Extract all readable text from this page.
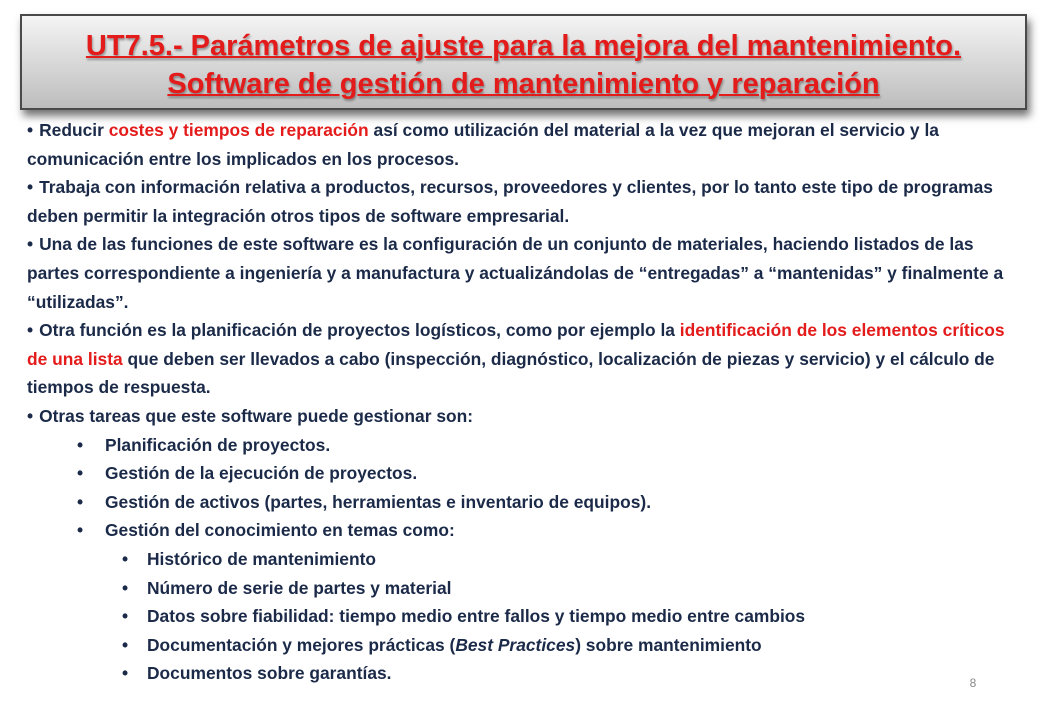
UT7.5.- Parámetros de ajuste para la mejora del mantenimiento.
Software de gestión de mantenimiento y reparación

• Reducir costes y tiempos de reparación así como utilización del material a la vez que mejoran el servicio y la comunicación entre los implicados en los procesos.

• Trabaja con información relativa a productos, recursos, proveedores y clientes, por lo tanto este tipo de programas deben permitir la integración otros tipos de software empresarial.

• Una de las funciones de este software es la configuración de un conjunto de materiales, haciendo listados de las partes correspondiente a ingeniería y a manufactura y actualizándolas de “entregadas” a “mantenidas” y finalmente a “utilizadas”.

• Otra función es la planificación de proyectos logísticos, como por ejemplo la identificación de los elementos críticos de una lista que deben ser llevados a cabo (inspección, diagnóstico, localización de piezas y servicio) y el cálculo de tiempos de respuesta.

• Otras tareas que este software puede gestionar son:

• Planificación de proyectos.

• Gestión de la ejecución de proyectos.

• Gestión de activos (partes, herramientas e inventario de equipos).

• Gestión del conocimiento en temas como:

• Histórico de mantenimiento

• Número de serie de partes y material

• Datos sobre fiabilidad: tiempo medio entre fallos y tiempo medio entre cambios

• Documentación y mejores prácticas (Best Practices) sobre mantenimiento

• Documentos sobre garantías.	8
